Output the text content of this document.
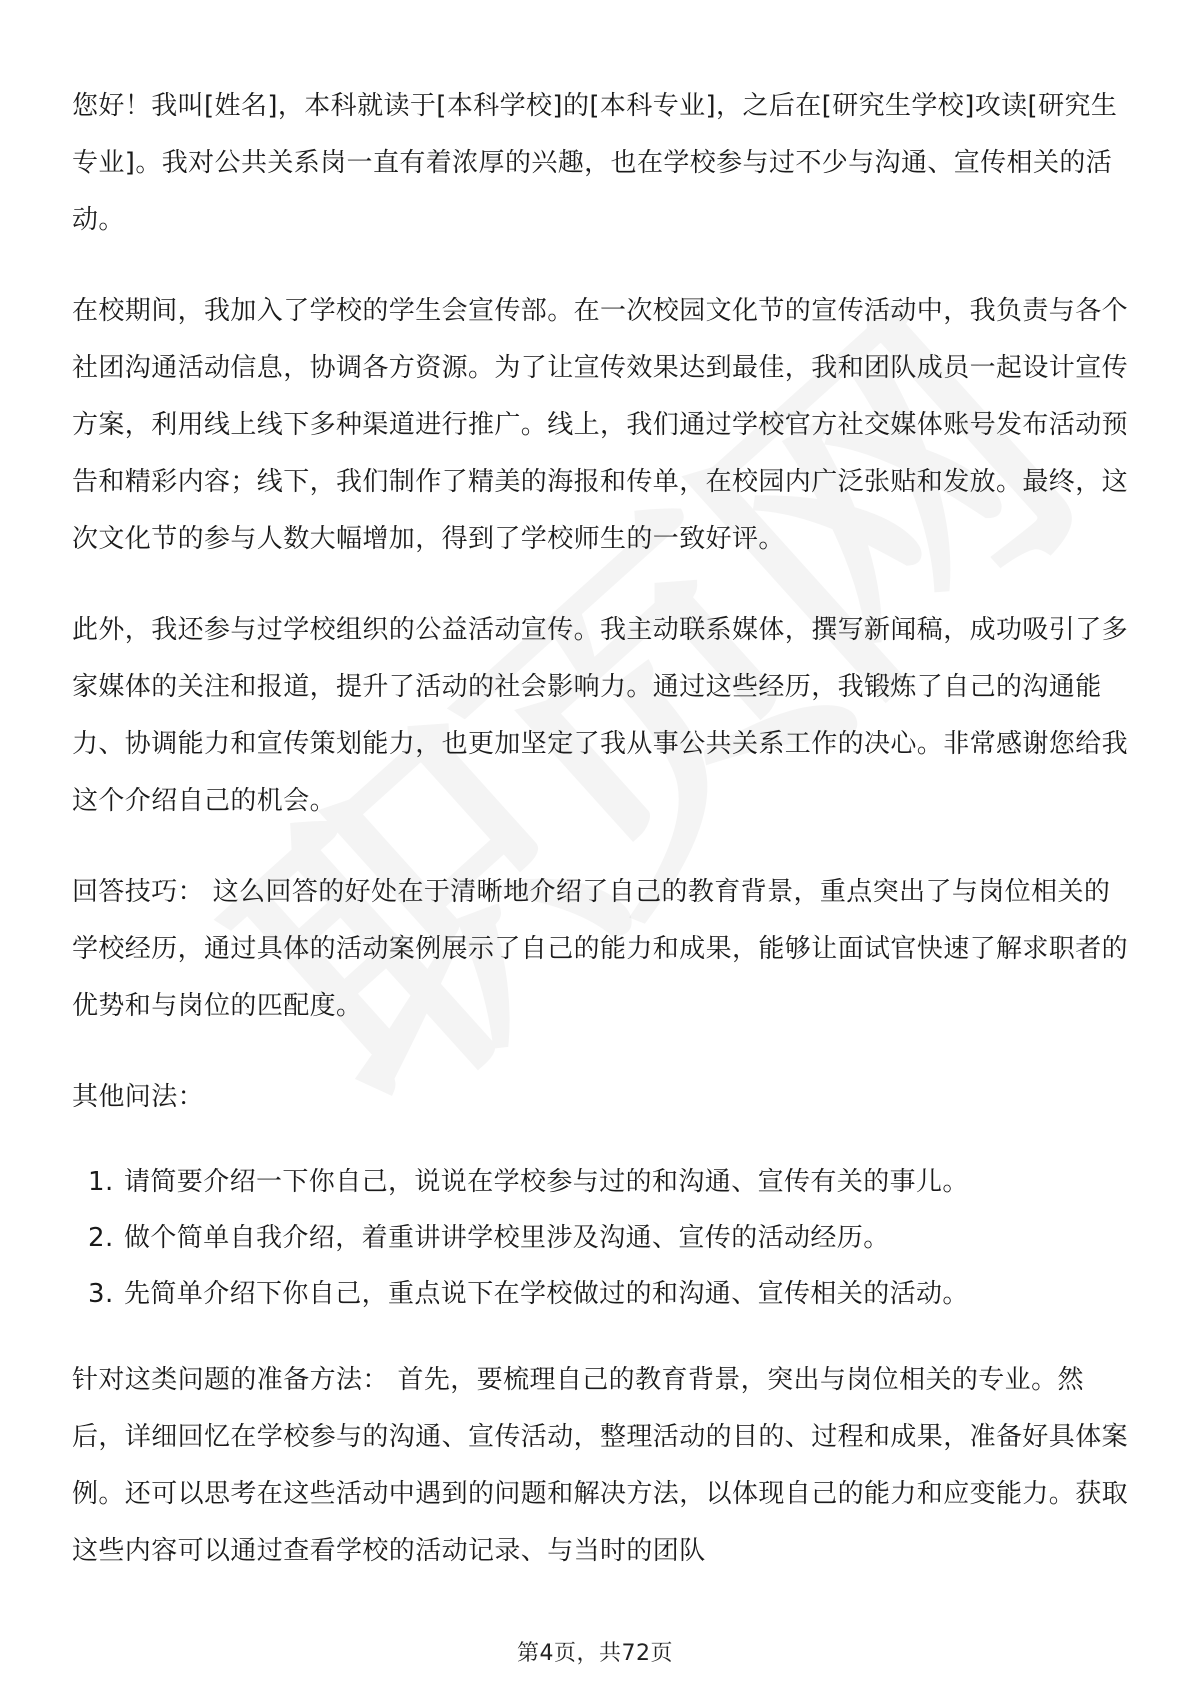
您好！我叫[姓名]，本科就读于[本科学校]的[本科专业]，之后在[研究生学校]攻读[研究生专业]。我对公共关系岗一直有着浓厚的兴趣，也在学校参与过不少与沟通、宣传相关的活动。

在校期间，我加入了学校的学生会宣传部。在一次校园文化节的宣传活动中，我负责与各个社团沟通活动信息，协调各方资源。为了让宣传效果达到最佳，我和团队成员一起设计宣传方案，利用线上线下多种渠道进行推广。线上，我们通过学校官方社交媒体账号发布活动预告和精彩内容；线下，我们制作了精美的海报和传单，在校园内广泛张贴和发放。最终，这次文化节的参与人数大幅增加，得到了学校师生的一致好评。

此外，我还参与过学校组织的公益活动宣传。我主动联系媒体，撰写新闻稿，成功吸引了多家媒体的关注和报道，提升了活动的社会影响力。通过这些经历，我锻炼了自己的沟通能力、协调能力和宣传策划能力，也更加坚定了我从事公共关系工作的决心。非常感谢您给我这个介绍自己的机会。

回答技巧： 这么回答的好处在于清晰地介绍了自己的教育背景，重点突出了与岗位相关的学校经历，通过具体的活动案例展示了自己的能力和成果，能够让面试官快速了解求职者的优势和与岗位的匹配度。

其他问法：

1. 请简要介绍一下你自己，说说在学校参与过的和沟通、宣传有关的事儿。
2. 做个简单自我介绍，着重讲讲学校里涉及沟通、宣传的活动经历。
3. 先简单介绍下你自己，重点说下在学校做过的和沟通、宣传相关的活动。

针对这类问题的准备方法： 首先，要梳理自己的教育背景，突出与岗位相关的专业。然后，详细回忆在学校参与的沟通、宣传活动，整理活动的目的、过程和成果，准备好具体案例。还可以思考在这些活动中遇到的问题和解决方法，以体现自己的能力和应变能力。获取这些内容可以通过查看学校的活动记录、与当时的团队

第4页，共72页
